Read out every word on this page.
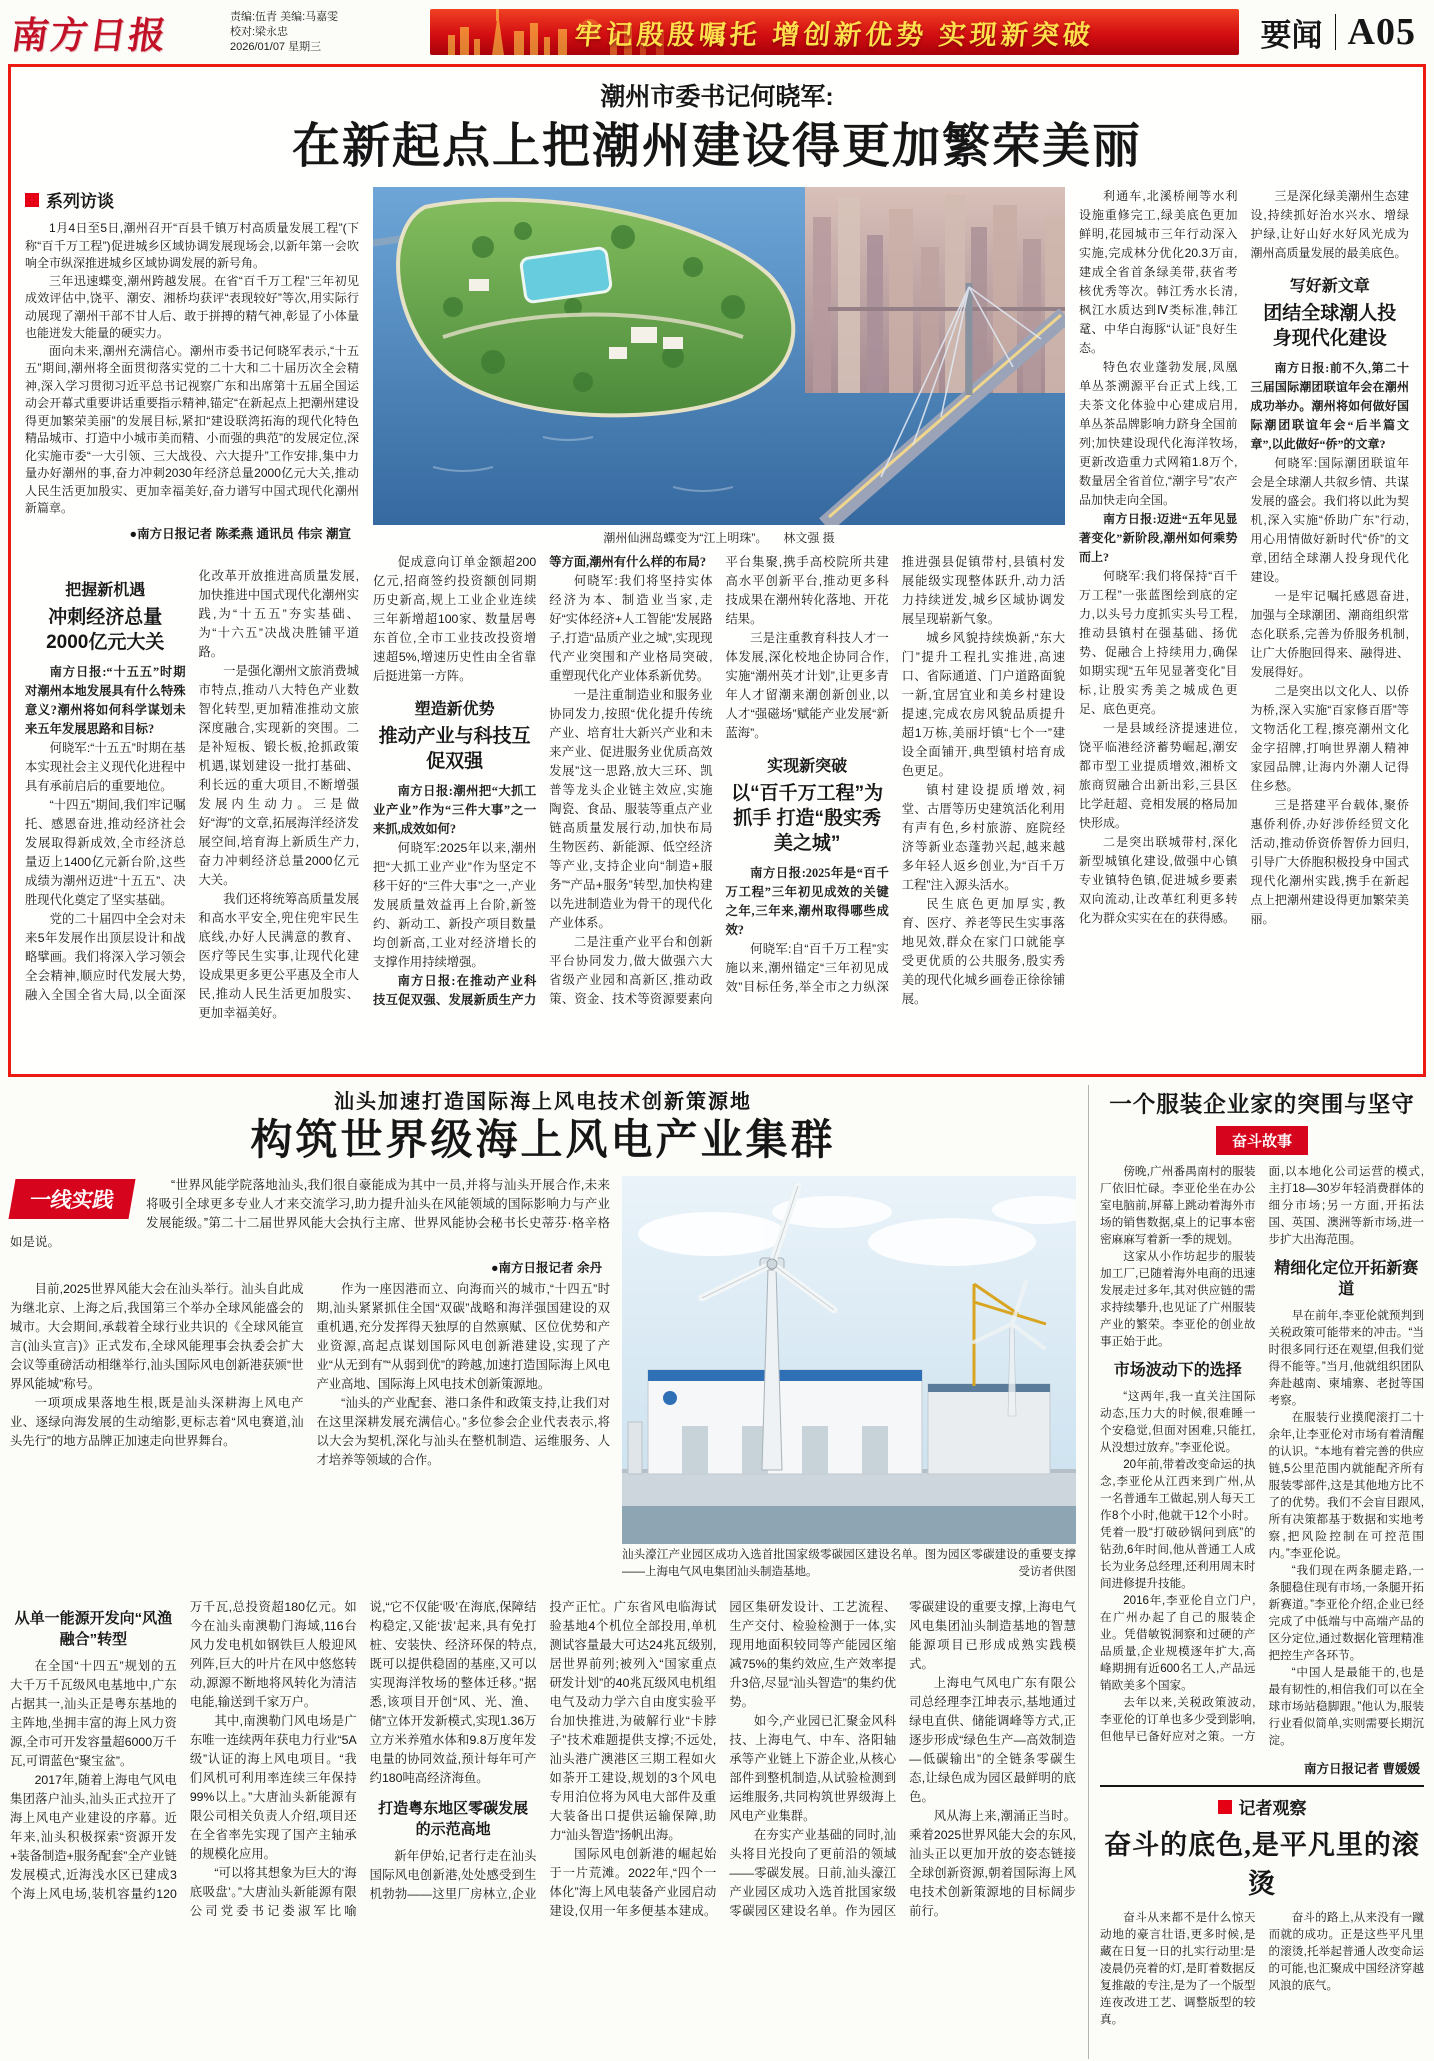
南方日报	责编:伍青 美编:马嘉雯
校对:梁永忠
2026/01/07 星期三	牢记殷殷嘱托 增创新优势 实现新突破	要闻 A05
潮州市委书记何晓军:
在新起点上把潮州建设得更加繁荣美丽
系列访谈

1月4日至5日,潮州召开“百县千镇万村高质量发展工程”(下称“百千万工程”)促进城乡区域协调发展现场会,以新年第一会吹响全市纵深推进城乡区域协调发展的新号角。

三年迅速蝶变,潮州跨越发展。在省“百千万工程”三年初见成效评估中,饶平、潮安、湘桥均获评“表现较好”等次,用实际行动展现了潮州干部不甘人后、敢于拼搏的精气神,彰显了小体量也能迸发大能量的硬实力。

面向未来,潮州充满信心。潮州市委书记何晓军表示,“十五五”期间,潮州将全面贯彻落实党的二十大和二十届历次全会精神,深入学习贯彻习近平总书记视察广东和出席第十五届全国运动会开幕式重要讲话重要指示精神,锚定“在新起点上把潮州建设得更加繁荣美丽”的发展目标,紧扣“建设联湾拓海的现代化特色精品城市、打造中小城市美而精、小而强的典范”的发展定位,深化实施市委“一大引领、三大战役、六大提升”工作安排,集中力量办好潮州的事,奋力冲刺2030年经济总量2000亿元大关,推动人民生活更加殷实、更加幸福美好,奋力谱写中国式现代化潮州新篇章。

●南方日报记者 陈柔燕 通讯员 伟宗 潮宣
把握新机遇
冲刺经济总量2000亿元大关

南方日报:“十五五”时期对潮州本地发展具有什么特殊意义?潮州将如何科学谋划未来五年发展思路和目标?

何晓军:“十五五”时期在基本实现社会主义现代化进程中具有承前启后的重要地位。

“十四五”期间,我们牢记嘱托、感恩奋进,推动经济社会发展取得新成效,全市经济总量迈上1400亿元新台阶,这些成绩为潮州迈进“十五五”、决胜现代化奠定了坚实基础。

党的二十届四中全会对未来5年发展作出顶层设计和战略擘画。我们将深入学习领会全会精神,顺应时代发展大势,融入全国全省大局,以全面深化改革开放推进高质量发展,加快推进中国式现代化潮州实践,为“十五五”夯实基础、为“十六五”决战决胜铺平道路。

一是强化潮州文旅消费城市特点,推动八大特色产业数智化转型,更加精准推动文旅深度融合,实现新的突围。二是补短板、锻长板,抢抓政策机遇,谋划建设一批打基础、利长远的重大项目,不断增强发展内生动力。三是做好“海”的文章,拓展海洋经济发展空间,培育海上新质生产力,奋力冲刺经济总量2000亿元大关。

我们还将统筹高质量发展和高水平安全,兜住兜牢民生底线,办好人民满意的教育、医疗等民生实事,让现代化建设成果更多更公平惠及全市人民,推动人民生活更加殷实、更加幸福美好。

潮州仙洲岛蝶变为“江上明珠”。 林文强 摄

促成意向订单金额超200亿元,招商签约投资额创同期历史新高,规上工业企业连续三年新增超100家、数量居粤东首位,全市工业技改投资增速超5%,增速历史性由全省靠后挺进第一方阵。

塑造新优势
推动产业与科技互促双强

南方日报:潮州把“大抓工业产业”作为“三件大事”之一来抓,成效如何?

何晓军:2025年以来,潮州把“大抓工业产业”作为坚定不移干好的“三件大事”之一,产业发展质量效益再上台阶,新签约、新动工、新投产项目数量均创新高,工业对经济增长的支撑作用持续增强。

南方日报:在推动产业科技互促双强、发展新质生产力等方面,潮州有什么样的布局?

何晓军:我们将坚持实体经济为本、制造业当家,走好“实体经济+人工智能”发展路子,打造“品质产业之城”,实现现代产业突围和产业格局突破,重塑现代化产业体系新优势。

一是注重制造业和服务业协同发力,按照“优化提升传统产业、培育壮大新兴产业和未来产业、促进服务业优质高效发展”这一思路,放大三环、凯普等龙头企业链主效应,实施陶瓷、食品、服装等重点产业链高质量发展行动,加快布局生物医药、新能源、低空经济等产业,支持企业向“制造+服务”“产品+服务”转型,加快构建以先进制造业为骨干的现代化产业体系。

二是注重产业平台和创新平台协同发力,做大做强六大省级产业园和高新区,推动政策、资金、技术等资源要素向平台集聚,携手高校院所共建高水平创新平台,推动更多科技成果在潮州转化落地、开花结果。

三是注重教育科技人才一体发展,深化校地企协同合作,实施“潮州英才计划”,让更多青年人才留潮来潮创新创业,以人才“强磁场”赋能产业发展“新蓝海”。

实现新突破
以“百千万工程”为抓手 打造“殷实秀美之城”

南方日报:2025年是“百千万工程”三年初见成效的关键之年,三年来,潮州取得哪些成效?

何晓军:自“百千万工程”实施以来,潮州锚定“三年初见成效”目标任务,举全市之力纵深推进强县促镇带村,县镇村发展能级实现整体跃升,动力活力持续迸发,城乡区域协调发展呈现崭新气象。

城乡风貌持续焕新,“东大门”提升工程扎实推进,高速口、省际通道、门户道路面貌一新,宜居宜业和美乡村建设提速,完成农房风貌品质提升超1万栋,美丽圩镇“七个一”建设全面铺开,典型镇村培育成色更足。

镇村建设提质增效,祠堂、古厝等历史建筑活化利用有声有色,乡村旅游、庭院经济等新业态蓬勃兴起,越来越多年轻人返乡创业,为“百千万工程”注入源头活水。

民生底色更加厚实,教育、医疗、养老等民生实事落地见效,群众在家门口就能享受更优质的公共服务,殷实秀美的现代化城乡画卷正徐徐铺展。

利通车,北溪桥闸等水利设施重修完工,绿美底色更加鲜明,花园城市三年行动深入实施,完成林分优化20.3万亩,建成全省首条绿美带,获省考核优秀等次。韩江秀水长清,枫江水质达到Ⅳ类标准,韩江鼋、中华白海豚“认证”良好生态。

特色农业蓬勃发展,凤凰单丛茶溯源平台正式上线,工夫茶文化体验中心建成启用,单丛茶品牌影响力跻身全国前列;加快建设现代化海洋牧场,更新改造重力式网箱1.8万个,数量居全省首位,“潮字号”农产品加快走向全国。

南方日报:迈进“五年见显著变化”新阶段,潮州如何乘势而上?

何晓军:我们将保持“百千万工程”一张蓝图绘到底的定力,以头号力度抓实头号工程,推动县镇村在强基础、扬优势、促融合上持续用力,确保如期实现“五年见显著变化”目标,让殷实秀美之城成色更足、底色更亮。

一是县域经济提速进位,饶平临港经济蓄势崛起,潮安都市型工业提质增效,湘桥文旅商贸融合出新出彩,三县区比学赶超、竞相发展的格局加快形成。

二是突出联城带村,深化新型城镇化建设,做强中心镇专业镇特色镇,促进城乡要素双向流动,让改革红利更多转化为群众实实在在的获得感。

三是深化绿美潮州生态建设,持续抓好治水兴水、增绿护绿,让好山好水好风光成为潮州高质量发展的最美底色。

写好新文章
团结全球潮人投身现代化建设

南方日报:前不久,第二十三届国际潮团联谊年会在潮州成功举办。潮州将如何做好国际潮团联谊年会“后半篇文章”,以此做好“侨”的文章?

何晓军:国际潮团联谊年会是全球潮人共叙乡情、共谋发展的盛会。我们将以此为契机,深入实施“侨助广东”行动,用心用情做好新时代“侨”的文章,团结全球潮人投身现代化建设。

一是牢记嘱托感恩奋进,加强与全球潮团、潮商组织常态化联系,完善为侨服务机制,让广大侨胞回得来、融得进、发展得好。

二是突出以文化人、以侨为桥,深入实施“百家修百厝”等文物活化工程,擦亮潮州文化金字招牌,打响世界潮人精神家园品牌,让海内外潮人记得住乡愁。

三是搭建平台载体,聚侨惠侨利侨,办好涉侨经贸文化活动,推动侨资侨智侨力回归,引导广大侨胞积极投身中国式现代化潮州实践,携手在新起点上把潮州建设得更加繁荣美丽。

汕头加速打造国际海上风电技术创新策源地
构筑世界级海上风电产业集群
一线实践

“世界风能学院落地汕头,我们很自豪能成为其中一员,并将与汕头开展合作,未来将吸引全球更多专业人才来交流学习,助力提升汕头在风能领域的国际影响力与产业发展能级。”第二十二届世界风能大会执行主席、世界风能协会秘书长史蒂芬·格辛格如是说。

●南方日报记者 余丹

目前,2025世界风能大会在汕头举行。汕头自此成为继北京、上海之后,我国第三个举办全球风能盛会的城市。大会期间,承载着全球行业共识的《全球风能宣言(汕头宣言)》正式发布,全球风能理事会执委会扩大会议等重磅活动相继举行,汕头国际风电创新港获颁“世界风能城”称号。

一项项成果落地生根,既是汕头深耕海上风电产业、逐绿向海发展的生动缩影,更标志着“风电赛道,汕头先行”的地方品牌正加速走向世界舞台。

作为一座因港而立、向海而兴的城市,“十四五”时期,汕头紧紧抓住全国“双碳”战略和海洋强国建设的双重机遇,充分发挥得天独厚的自然禀赋、区位优势和产业资源,高起点谋划国际风电创新港建设,实现了产业“从无到有”“从弱到优”的跨越,加速打造国际海上风电产业高地、国际海上风电技术创新策源地。

“汕头的产业配套、港口条件和政策支持,让我们对在这里深耕发展充满信心。”多位参会企业代表表示,将以大会为契机,深化与汕头在整机制造、运维服务、人才培养等领域的合作。

汕头濠江产业园区成功入选首批国家级零碳园区建设名单。图为园区零碳建设的重要支撑——上海电气风电集团汕头制造基地。	受访者供图
从单一能源开发向“风渔融合”转型

在全国“十四五”规划的五大千万千瓦级风电基地中,广东占据其一,汕头正是粤东基地的主阵地,坐拥丰富的海上风力资源,全市可开发容量超6000万千瓦,可谓蓝色“聚宝盆”。

2017年,随着上海电气风电集团落户汕头,汕头正式拉开了海上风电产业建设的序幕。近年来,汕头积极探索“资源开发+装备制造+服务配套”全产业链发展模式,近海浅水区已建成3个海上风电场,装机容量约120万千瓦,总投资超180亿元。如今在汕头南澳勒门海域,116台风力发电机如钢铁巨人般迎风列阵,巨大的叶片在风中悠悠转动,源源不断地将风转化为清洁电能,输送到千家万户。

其中,南澳勒门风电场是广东唯一连续两年获电力行业“5A级”认证的海上风电项目。“我们风机可利用率连续三年保持99%以上。”大唐汕头新能源有限公司相关负责人介绍,项目还在全省率先实现了国产主轴承的规模化应用。

“可以将其想象为巨大的‘海底吸盘’。”大唐汕头新能源有限公司党委书记娄淑军比喻说,“它不仅能‘吸’在海底,保障结构稳定,又能‘拔’起来,具有免打桩、安装快、经济环保的特点,既可以提供稳固的基座,又可以实现海洋牧场的整体迁移。”据悉,该项目开创“风、光、渔、储”立体开发新模式,实现1.36万立方米养殖水体和9.8万度年发电量的协同效益,预计每年可产约180吨高经济海鱼。

打造粤东地区零碳发展的示范高地

新年伊始,记者行走在汕头国际风电创新港,处处感受到生机勃勃——这里厂房林立,企业投产正忙。广东省风电临海试验基地4个机位全部投用,单机测试容量最大可达24兆瓦级别,居世界前列;被列入“国家重点研发计划”的40兆瓦级风电机组电气及动力学六自由度实验平台加快推进,为破解行业“卡脖子”技术难题提供支撑;不远处,汕头港广澳港区三期工程如火如荼开工建设,规划的3个风电专用泊位将为风电大部件及重大装备出口提供运输保障,助力“汕头智造”扬帆出海。

国际风电创新港的崛起始于一片荒滩。2022年,“四个一体化”海上风电装备产业园启动建设,仅用一年多便基本建成。园区集研发设计、工艺流程、生产交付、检验检测于一体,实现用地面积较同等产能园区缩减75%的集约效应,生产效率提升3倍,尽显“汕头智造”的集约优势。

如今,产业园已汇聚金风科技、上海电气、中车、洛阳轴承等产业链上下游企业,从核心部件到整机制造,从试验检测到运维服务,共同构筑世界级海上风电产业集群。

在夯实产业基础的同时,汕头将目光投向了更前沿的领域——零碳发展。日前,汕头濠江产业园区成功入选首批国家级零碳园区建设名单。作为园区零碳建设的重要支撑,上海电气风电集团汕头制造基地的智慧能源项目已形成成熟实践模式。

上海电气风电广东有限公司总经理李江坤表示,基地通过绿电直供、储能调峰等方式,正逐步形成“绿色生产—高效制造—低碳输出”的全链条零碳生态,让绿色成为园区最鲜明的底色。

风从海上来,潮涌正当时。乘着2025世界风能大会的东风,汕头正以更加开放的姿态链接全球创新资源,朝着国际海上风电技术创新策源地的目标阔步前行。

一个服装企业家的突围与坚守
奋斗故事

傍晚,广州番禺南村的服装厂依旧忙碌。李亚伦坐在办公室电脑前,屏幕上跳动着海外市场的销售数据,桌上的记事本密密麻麻写着新一季的规划。

这家从小作坊起步的服装加工厂,已随着海外电商的迅速发展走过多年,其对供应链的需求持续攀升,也见证了广州服装产业的繁荣。李亚伦的创业故事正始于此。

市场波动下的选择

“这两年,我一直关注国际动态,压力大的时候,很难睡一个安稳觉,但面对困难,只能扛,从没想过放弃。”李亚伦说。

20年前,带着改变命运的执念,李亚伦从江西来到广州,从一名普通车工做起,别人每天工作8个小时,他就干12个小时。凭着一股“打破砂锅问到底”的钻劲,6年时间,他从普通工人成长为业务总经理,还利用周末时间进修提升技能。

2016年,李亚伦自立门户,在广州办起了自己的服装企业。凭借敏锐洞察和过硬的产品质量,企业规模逐年扩大,高峰期拥有近600名工人,产品远销欧美多个国家。

去年以来,关税政策波动,李亚伦的订单也多少受到影响,但他早已备好应对之策。一方面,以本地化公司运营的模式,主打18—30岁年轻消费群体的细分市场;另一方面,开拓法国、英国、澳洲等新市场,进一步扩大出海范围。

精细化定位开拓新赛道

早在前年,李亚伦就预判到关税政策可能带来的冲击。“当时很多同行还在观望,但我们觉得不能等。”当月,他就组织团队奔赴越南、柬埔寨、老挝等国考察。

在服装行业摸爬滚打二十余年,让李亚伦对市场有着清醒的认识。“本地有着完善的供应链,5公里范围内就能配齐所有服装零部件,这是其他地方比不了的优势。我们不会盲目跟风,所有决策都基于数据和实地考察,把风险控制在可控范围内。”李亚伦说。

“我们现在两条腿走路,一条腿稳住现有市场,一条腿开拓新赛道。”李亚伦介绍,企业已经完成了中低端与中高端产品的区分定位,通过数据化管理精准把控生产各环节。

“中国人是最能干的,也是最有韧性的,相信我们可以在全球市场站稳脚跟。”他认为,服装行业看似简单,实则需要长期沉淀。

南方日报记者 曹媛媛
记者观察
奋斗的底色,是平凡里的滚烫

奋斗从来都不是什么惊天动地的豪言壮语,更多时候,是藏在日复一日的扎实行动里:是凌晨仍亮着的灯,是盯着数据反复推敲的专注,是为了一个版型连夜改进工艺、调整版型的较真。

奋斗的路上,从来没有一蹴而就的成功。正是这些平凡里的滚烫,托举起普通人改变命运的可能,也汇聚成中国经济穿越风浪的底气。
